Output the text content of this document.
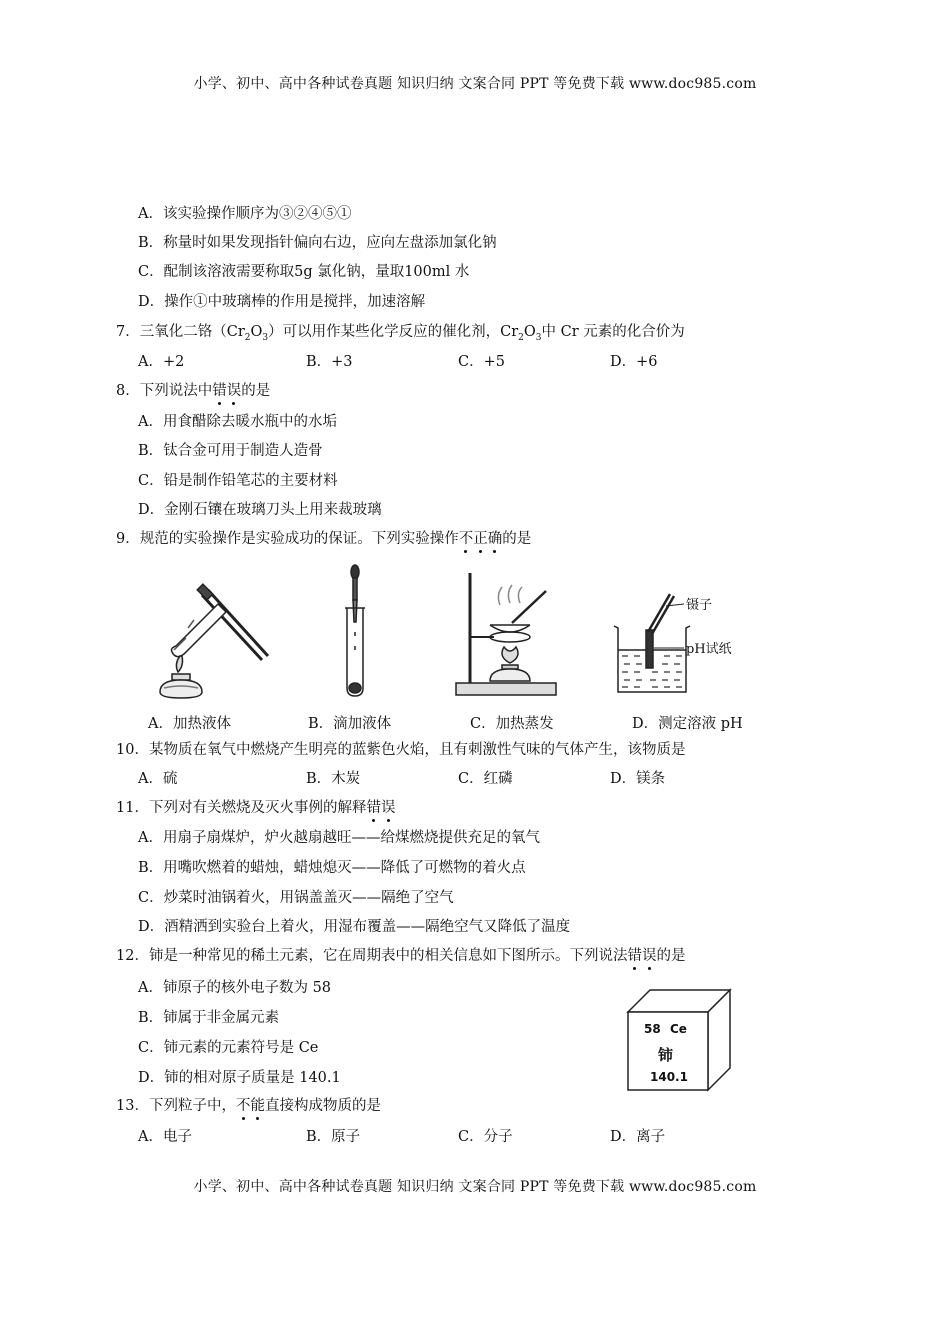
小学、初中、高中各种试卷真题 知识归纳 文案合同 PPT 等免费下载 www.doc985.com
A．该实验操作顺序为③②④⑤①
B．称量时如果发现指针偏向右边，应向左盘添加氯化钠
C．配制该溶液需要称取5g 氯化钠，量取100ml 水
D．操作①中玻璃棒的作用是搅拌，加速溶解
7．三氧化二铬$(Cr_2O_3)$可以用作某些化学反应的催化剂，$Cr_2O_3$中 Cr 元素的化合价为
A．+2	B．+3	C．+5	D．+6
8．下列说法中错误的是
A．用食醋除去暖水瓶中的水垢
B．钛合金可用于制造人造骨
C．铅是制作铅笔芯的主要材料
D．金刚石镶在玻璃刀头上用来裁玻璃
9．规范的实验操作是实验成功的保证。下列实验操作不正确的是
镊子
pH试纸
A．加热液体	B．滴加液体	C．加热蒸发	D．测定溶液 pH
10．某物质在氧气中燃烧产生明亮的蓝紫色火焰，且有刺激性气味的气体产生，该物质是
A．硫	B．木炭	C．红磷	D．镁条
11．下列对有关燃烧及灭火事例的解释错误
A．用扇子扇煤炉，炉火越扇越旺——给煤燃烧提供充足的氧气
B．用嘴吹燃着的蜡烛，蜡烛熄灭——降低了可燃物的着火点
C．炒菜时油锅着火，用锅盖盖灭——隔绝了空气
D．酒精洒到实验台上着火，用湿布覆盖——隔绝空气又降低了温度
12．铈是一种常见的稀土元素，它在周期表中的相关信息如下图所示。下列说法错误的是
A．铈原子的核外电子数为 58
B．铈属于非金属元素
C．铈元素的元素符号是 Ce
D．铈的相对原子质量是 140.1
58 Ce
铈
140.1
13．下列粒子中，不能直接构成物质的是
A．电子	B．原子	C．分子	D．离子
小学、初中、高中各种试卷真题 知识归纳 文案合同 PPT 等免费下载 www.doc985.com
